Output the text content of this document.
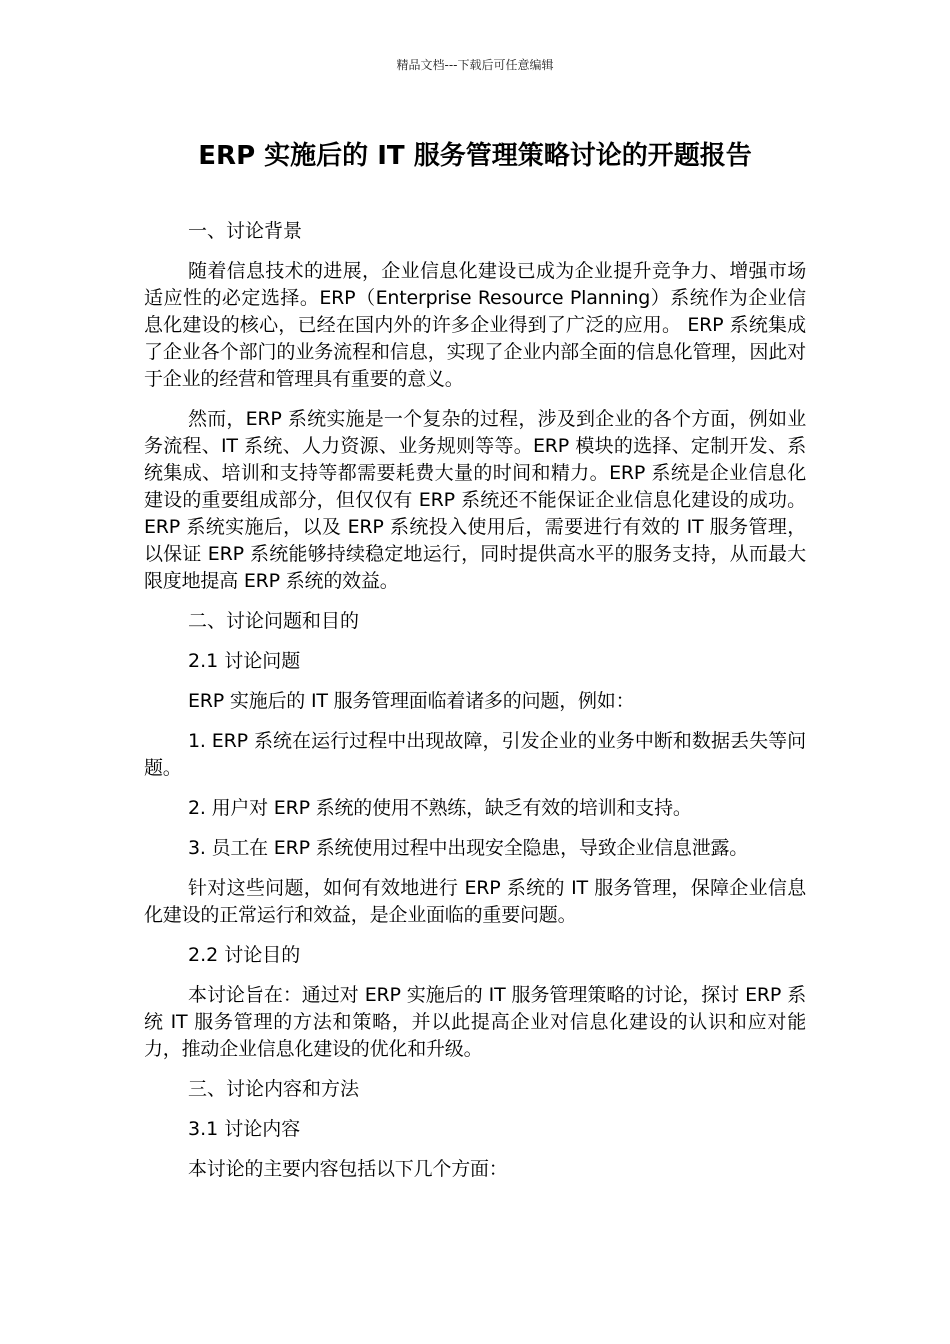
精品文档---下载后可任意编辑
ERP 实施后的 IT 服务管理策略讨论的开题报告
一、讨论背景

随着信息技术的进展，企业信息化建设已成为企业提升竞争力、增强市场适应性的必定选择。ERP（Enterprise Resource Planning）系统作为企业信息化建设的核心，已经在国内外的许多企业得到了广泛的应用。 ERP 系统集成了企业各个部门的业务流程和信息，实现了企业内部全面的信息化管理，因此对于企业的经营和管理具有重要的意义。

然而，ERP 系统实施是一个复杂的过程，涉及到企业的各个方面，例如业务流程、IT 系统、人力资源、业务规则等等。ERP 模块的选择、定制开发、系统集成、培训和支持等都需要耗费大量的时间和精力。ERP 系统是企业信息化建设的重要组成部分，但仅仅有 ERP 系统还不能保证企业信息化建设的成功。ERP 系统实施后，以及 ERP 系统投入使用后，需要进行有效的 IT 服务管理，以保证 ERP 系统能够持续稳定地运行，同时提供高水平的服务支持，从而最大限度地提高 ERP 系统的效益。

二、讨论问题和目的
2.1 讨论问题

ERP 实施后的 IT 服务管理面临着诸多的问题，例如：

1. ERP 系统在运行过程中出现故障，引发企业的业务中断和数据丢失等问题。

2. 用户对 ERP 系统的使用不熟练，缺乏有效的培训和支持。

3. 员工在 ERP 系统使用过程中出现安全隐患，导致企业信息泄露。

针对这些问题，如何有效地进行 ERP 系统的 IT 服务管理，保障企业信息化建设的正常运行和效益，是企业面临的重要问题。

2.2 讨论目的

本讨论旨在：通过对 ERP 实施后的 IT 服务管理策略的讨论，探讨 ERP 系统 IT 服务管理的方法和策略，并以此提高企业对信息化建设的认识和应对能力，推动企业信息化建设的优化和升级。

三、讨论内容和方法
3.1 讨论内容

本讨论的主要内容包括以下几个方面：
